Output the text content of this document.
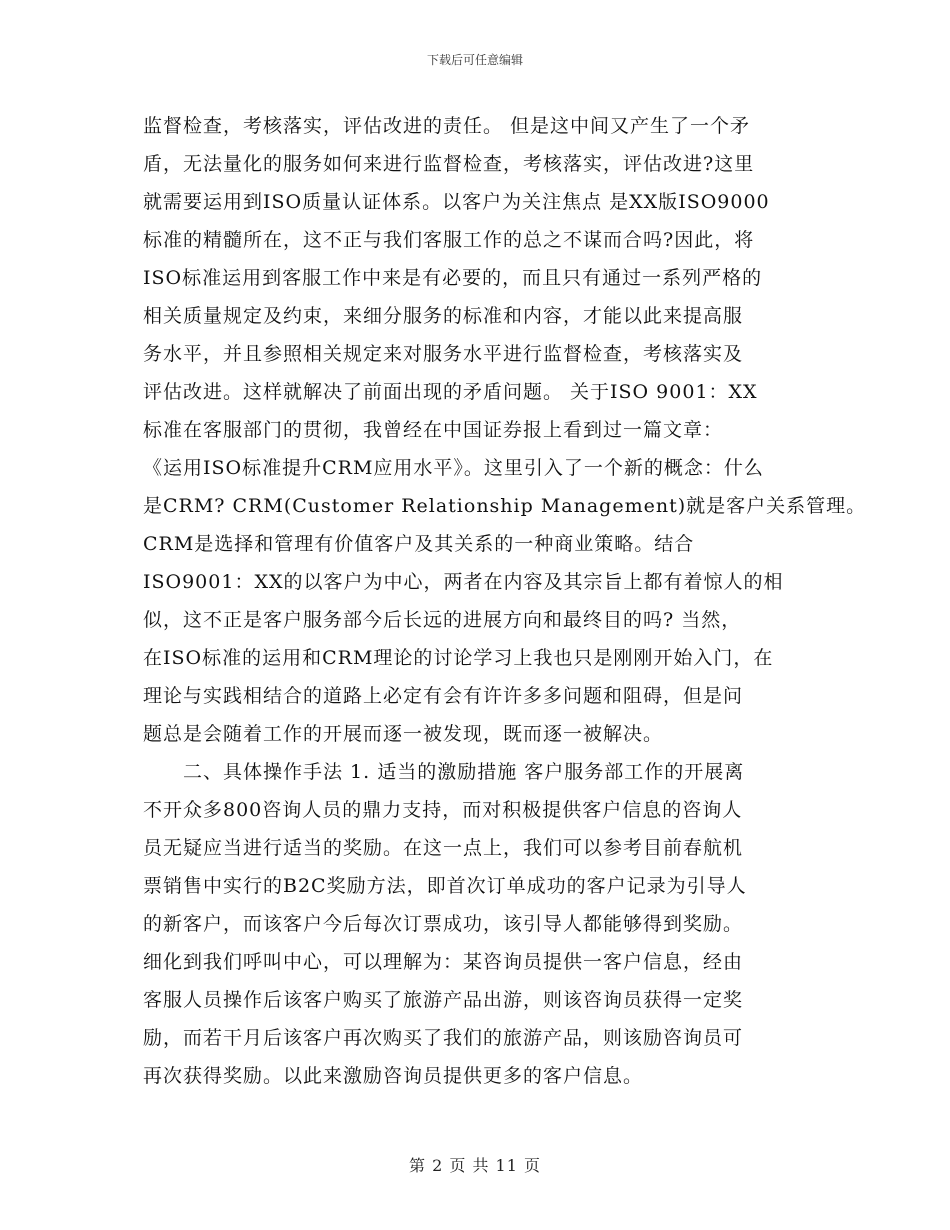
下载后可任意编辑
监督检查，考核落实，评估改进的责任。 但是这中间又产生了一个矛
盾，无法量化的服务如何来进行监督检查，考核落实，评估改进?这里
就需要运用到ISO质量认证体系。以客户为关注焦点 是XX版ISO9000
标准的精髓所在，这不正与我们客服工作的总之不谋而合吗?因此，将
ISO标准运用到客服工作中来是有必要的，而且只有通过一系列严格的
相关质量规定及约束，来细分服务的标准和内容，才能以此来提高服
务水平，并且参照相关规定来对服务水平进行监督检查，考核落实及
评估改进。这样就解决了前面出现的矛盾问题。 关于ISO 9001：XX
标准在客服部门的贯彻，我曾经在中国证券报上看到过一篇文章：
《运用ISO标准提升CRM应用水平》。这里引入了一个新的概念：什么
是CRM? CRM(Customer Relationship Management)就是客户关系管理。
CRM是选择和管理有价值客户及其关系的一种商业策略。结合
ISO9001：XX的以客户为中心，两者在内容及其宗旨上都有着惊人的相
似，这不正是客户服务部今后长远的进展方向和最终目的吗? 当然，
在ISO标准的运用和CRM理论的讨论学习上我也只是刚刚开始入门，在
理论与实践相结合的道路上必定有会有许许多多问题和阻碍，但是问
题总是会随着工作的开展而逐一被发现，既而逐一被解决。
二、具体操作手法 1. 适当的激励措施 客户服务部工作的开展离
不开众多800咨询人员的鼎力支持，而对积极提供客户信息的咨询人
员无疑应当进行适当的奖励。在这一点上，我们可以参考目前春航机
票销售中实行的B2C奖励方法，即首次订单成功的客户记录为引导人
的新客户，而该客户今后每次订票成功，该引导人都能够得到奖励。
细化到我们呼叫中心，可以理解为：某咨询员提供一客户信息，经由
客服人员操作后该客户购买了旅游产品出游，则该咨询员获得一定奖
励，而若干月后该客户再次购买了我们的旅游产品，则该励咨询员可
再次获得奖励。以此来激励咨询员提供更多的客户信息。
第 2 页 共 11 页
